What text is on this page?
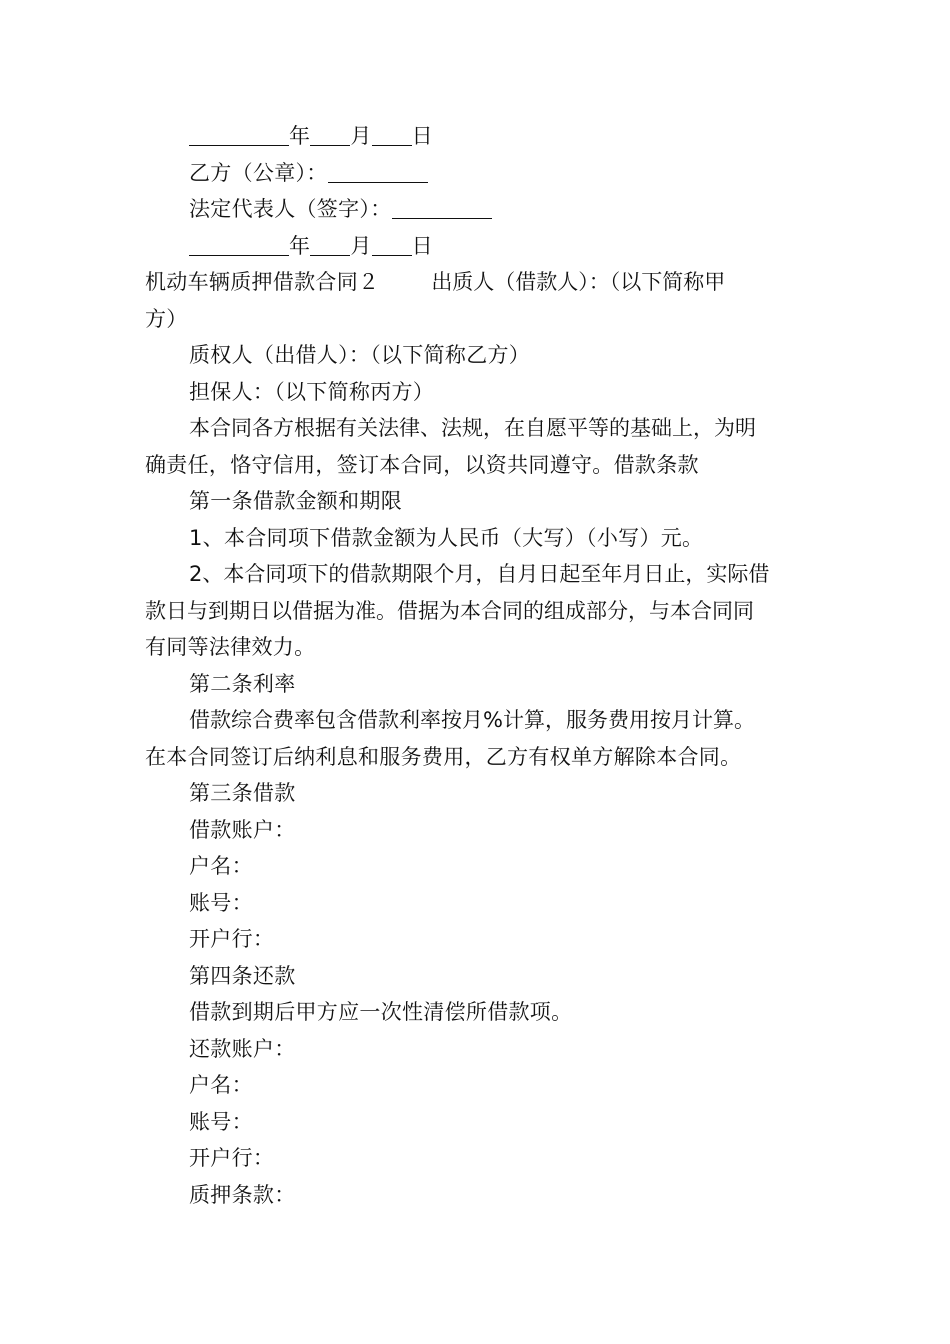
年 月 日
乙方（公章）：
法定代表人（签字）：
年 月 日
机动车辆质押借款合同２ 出质人（借款人）：（以下简称甲
方）
质权人（出借人）：（以下简称乙方）
担保人：（以下简称丙方）
本合同各方根据有关法律、法规，在自愿平等的基础上，为明
确责任，恪守信用，签订本合同，以资共同遵守。借款条款
第一条借款金额和期限
1、本合同项下借款金额为人民币（大写）（小写）元。
2、本合同项下的借款期限个月，自月日起至年月日止，实际借
款日与到期日以借据为准。借据为本合同的组成部分，与本合同同
有同等法律效力。
第二条利率
借款综合费率包含借款利率按月%计算，服务费用按月计算。
在本合同签订后纳利息和服务费用，乙方有权单方解除本合同。
第三条借款
借款账户：
户名：
账号：
开户行：
第四条还款
借款到期后甲方应一次性清偿所借款项。
还款账户：
户名：
账号：
开户行：
质押条款：
